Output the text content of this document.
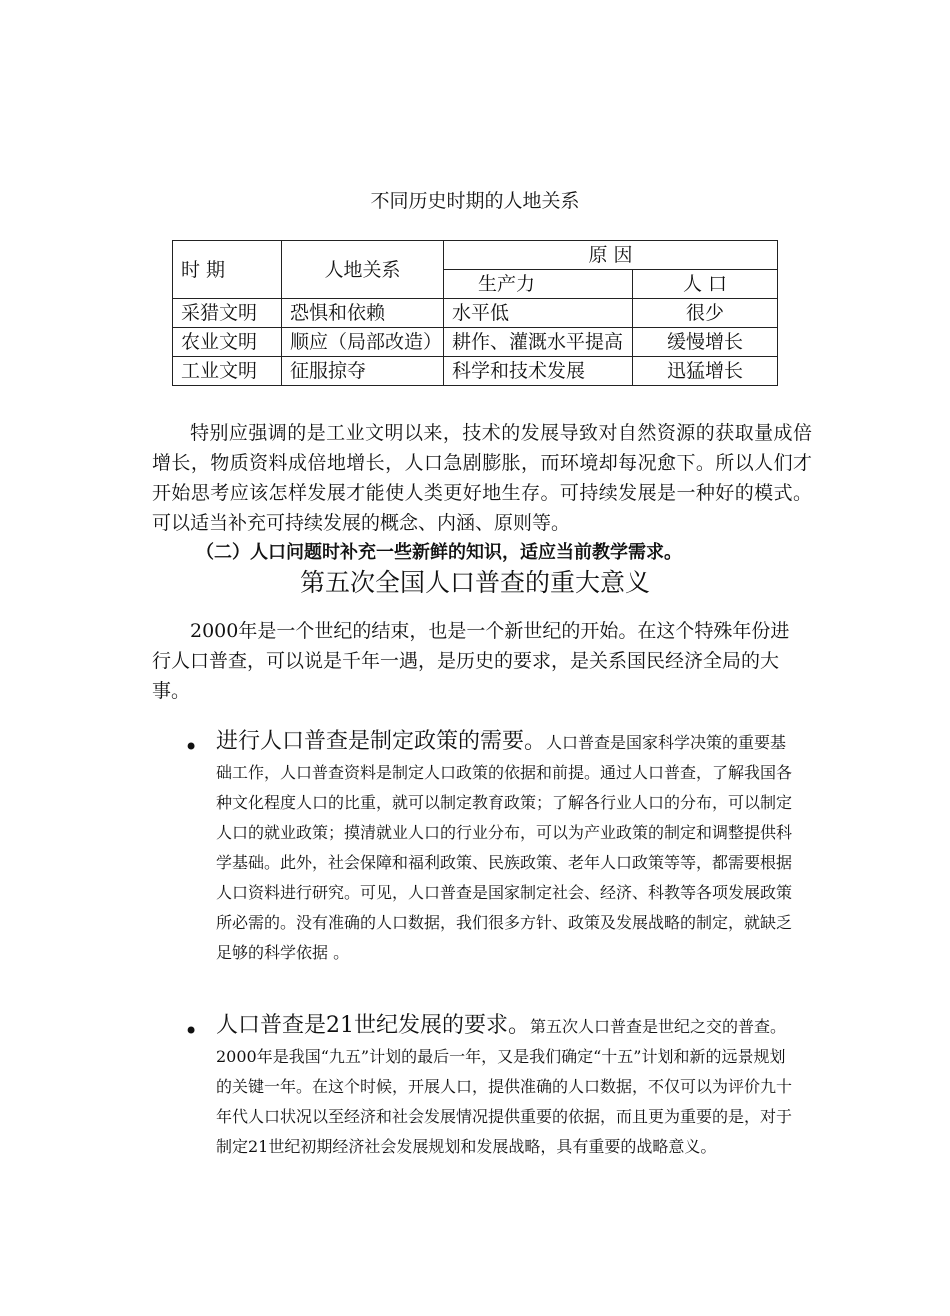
不同历史时期的人地关系
时 期	人地关系	原 因	
		生产力	人 口
采猎文明	恐惧和依赖	水平低	很少
农业文明	顺应（局部改造）	耕作、灌溉水平提高	缓慢增长
工业文明	征服掠夺	科学和技术发展	迅猛增长
特别应强调的是工业文明以来，技术的发展导致对自然资源的获取量成倍增长，物质资料成倍地增长，人口急剧膨胀，而环境却每况愈下。所以人们才开始思考应该怎样发展才能使人类更好地生存。可持续发展是一种好的模式。可以适当补充可持续发展的概念、内涵、原则等。
（二）人口问题时补充一些新鲜的知识，适应当前教学需求。
第五次全国人口普查的重大意义
2000年是一个世纪的结束，也是一个新世纪的开始。在这个特殊年份进行人口普查，可以说是千年一遇，是历史的要求，是关系国民经济全局的大事。
• 进行人口普查是制定政策的需要。人口普查是国家科学决策的重要基础工作，人口普查资料是制定人口政策的依据和前提。通过人口普查，了解我国各种文化程度人口的比重，就可以制定教育政策；了解各行业人口的分布，可以制定人口的就业政策；摸清就业人口的行业分布，可以为产业政策的制定和调整提供科学基础。此外，社会保障和福利政策、民族政策、老年人口政策等等，都需要根据人口资料进行研究。可见，人口普查是国家制定社会、经济、科教等各项发展政策所必需的。没有准确的人口数据，我们很多方针、政策及发展战略的制定，就缺乏足够的科学依据 。
• 人口普查是21世纪发展的要求。第五次人口普查是世纪之交的普查。2000年是我国“九五”计划的最后一年，又是我们确定“十五”计划和新的远景规划的关键一年。在这个时候，开展人口，提供准确的人口数据，不仅可以为评价九十年代人口状况以至经济和社会发展情况提供重要的依据，而且更为重要的是，对于制定21世纪初期经济社会发展规划和发展战略，具有重要的战略意义。
